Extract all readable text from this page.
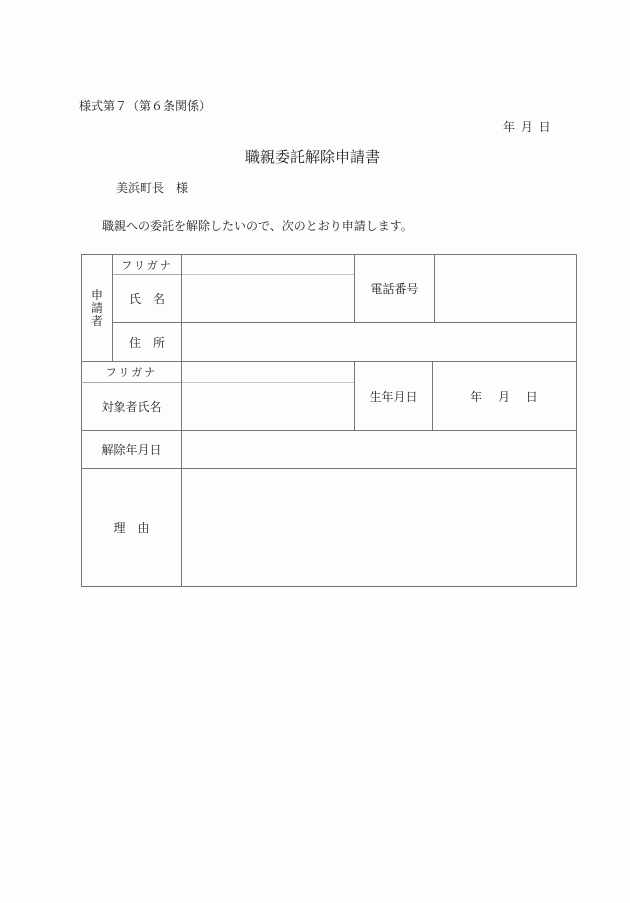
様式第７（第６条関係）
年 月 日
職親委託解除申請書
美浜町長　様
職親への委託を解除したいので、次のとおり申請します。
申
請
者
フリガナ
氏　名
住　所
電話番号
フリガナ
対象者氏名
生年月日	年　 月　 日
解除年月日
理　由
